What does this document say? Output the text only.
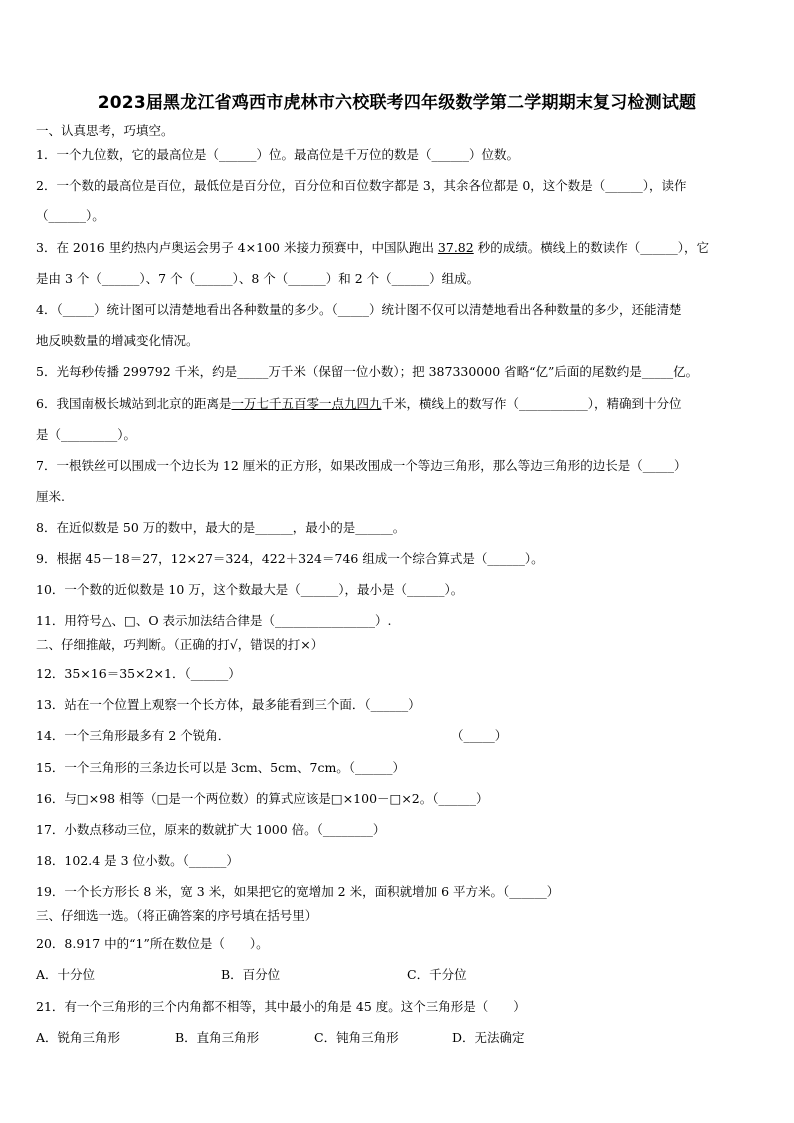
2023届黑龙江省鸡西市虎林市六校联考四年级数学第二学期期末复习检测试题
一、认真思考，巧填空。
1．一个九位数，它的最高位是（______）位。最高位是千万位的数是（______）位数。
2．一个数的最高位是百位，最低位是百分位，百分位和百位数字都是 3，其余各位都是 0，这个数是（______），读作
（______）。
3．在 2016 里约热内卢奥运会男子 4×100 米接力预赛中，中国队跑出 37.82 秒的成绩。横线上的数读作（______），它
是由 3 个（______）、7 个（______）、8 个（______）和 2 个（______）组成。
4．（_____）统计图可以清楚地看出各种数量的多少。（_____）统计图不仅可以清楚地看出各种数量的多少，还能清楚
地反映数量的增减变化情况。
5．光每秒传播 299792 千米，约是_____万千米（保留一位小数）；把 387330000 省略“亿”后面的尾数约是_____亿。
6．我国南极长城站到北京的距离是一万七千五百零一点九四九千米，横线上的数写作（___________），精确到十分位
是（_________）。
7．一根铁丝可以围成一个边长为 12 厘米的正方形，如果改围成一个等边三角形，那么等边三角形的边长是（_____）
厘米.
8．在近似数是 50 万的数中，最大的是______，最小的是______。
9．根据 45－18＝27，12×27＝324，422＋324＝746 组成一个综合算式是（______）。
10．一个数的近似数是 10 万，这个数最大是（______），最小是（______）。
11．用符号△、□、O 表示加法结合律是（________________）.
二、仔细推敲，巧判断。（正确的打√，错误的打×）
12．35×16＝35×2×1．（______）
13．站在一个位置上观察一个长方体，最多能看到三个面．（______）
14．一个三角形最多有 2 个锐角．	（_____）
15．一个三角形的三条边长可以是 3cm、5cm、7cm。（______）
16．与□×98 相等（□是一个两位数）的算式应该是□×100－□×2。（______）
17．小数点移动三位，原来的数就扩大 1000 倍。（________）
18．102.4 是 3 位小数。（______）
19．一个长方形长 8 米，宽 3 米，如果把它的宽增加 2 米，面积就增加 6 平方米。（______）
三、仔细选一选。（将正确答案的序号填在括号里）
20．8.917 中的“1”所在数位是（　　）。
A．十分位	B．百分位	C．千分位
21．有一个三角形的三个内角都不相等，其中最小的角是 45 度。这个三角形是（　　）
A．锐角三角形	B．直角三角形	C．钝角三角形	D．无法确定
